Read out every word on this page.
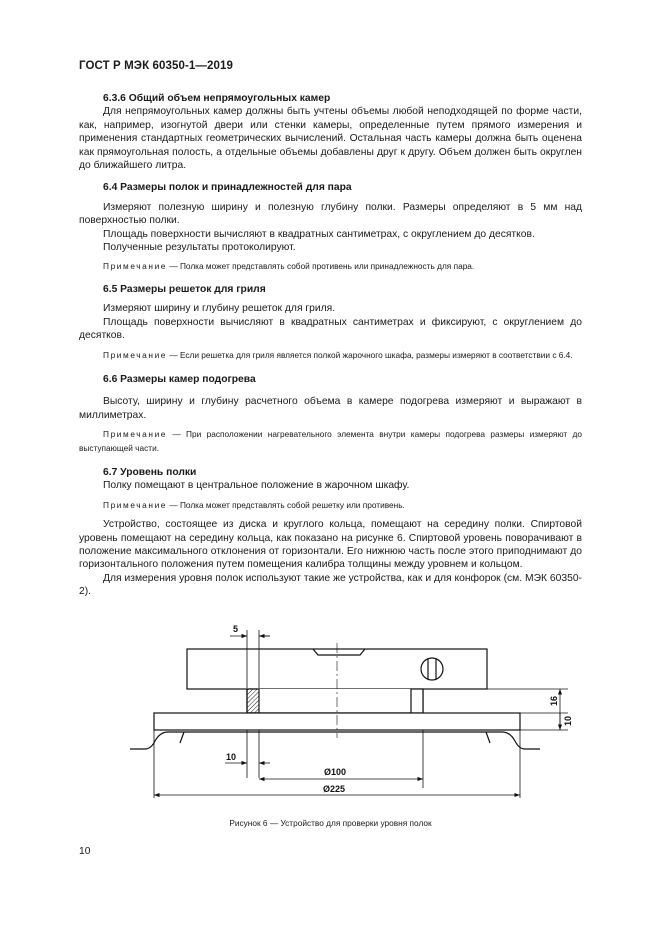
ГОСТ Р МЭК 60350-1—2019
6.3.6 Общий объем непрямоугольных камер
Для непрямоугольных камер должны быть учтены объемы любой неподходящей по форме части, как, например, изогнутой двери или стенки камеры, определенные путем прямого измерения и применения стандартных геометрических вычислений. Остальная часть камеры должна быть оценена как прямоугольная полость, а отдельные объемы добавлены друг к другу. Объем должен быть округлен до ближайшего литра.
6.4 Размеры полок и принадлежностей для пара
Измеряют полезную ширину и полезную глубину полки. Размеры определяют в 5 мм над поверхностью полки.
Площадь поверхности вычисляют в квадратных сантиметрах, с округлением до десятков.
Полученные результаты протоколируют.
Примечание — Полка может представлять собой противень или принадлежность для пара.
6.5 Размеры решеток для гриля
Измеряют ширину и глубину решеток для гриля.
Площадь поверхности вычисляют в квадратных сантиметрах и фиксируют, с округлением до десятков.
Примечание — Если решетка для гриля является полкой жарочного шкафа, размеры измеряют в соответствии с 6.4.
6.6 Размеры камер подогрева
Высоту, ширину и глубину расчетного объема в камере подогрева измеряют и выражают в миллиметрах.
Примечание — При расположении нагревательного элемента внутри камеры подогрева размеры измеряют до выступающей части.
6.7 Уровень полки
Полку помещают в центральное положение в жарочном шкафу.
Примечание — Полка может представлять собой решетку или противень.
Устройство, состоящее из диска и круглого кольца, помещают на середину полки. Спиртовой уровень помещают на середину кольца, как показано на рисунке 6. Спиртовой уровень поворачивают в положение максимального отклонения от горизонтали. Его нижнюю часть после этого приподнимают до горизонтального положения путем помещения калибра толщины между уровнем и кольцом.
Для измерения уровня полок используют такие же устройства, как и для конфорок (см. МЭК 60350-2).
5
10
Ø100
Ø225
16
10
Рисунок 6 — Устройство для проверки уровня полок
10
